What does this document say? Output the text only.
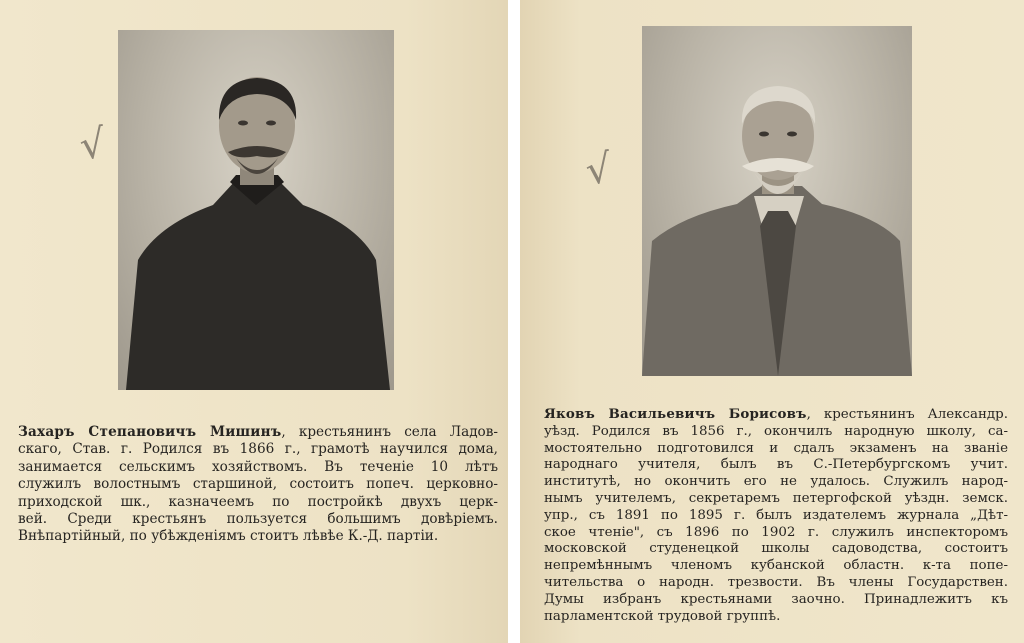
√
Захаръ Степановичъ Мишинъ, крестьянинъ села Ладов-
скаго, Став. г. Родился въ 1866 г., грамотѣ научился дома,
занимается сельскимъ хозяйствомъ. Въ теченіе 10 лѣтъ
служилъ волостнымъ старшиной, состоитъ попеч. церковно-
приходской шк., казначеемъ по постройкѣ двухъ церк-
вей. Среди крестьянъ пользуется большимъ довѣріемъ.
Внѣпартійный, по убѣжденіямъ стоитъ лѣвѣе К.-Д. партіи.
√
Яковъ Васильевичъ Борисовъ, крестьянинъ Александр.
уѣзд. Родился въ 1856 г., окончилъ народную школу, са-
мостоятельно подготовился и сдалъ экзаменъ на званіе
народнаго учителя, былъ въ С.-Петербургскомъ учит.
институтѣ, но окончить его не удалось. Служилъ народ-
нымъ учителемъ, секретаремъ петергофской уѣздн. земск.
упр., съ 1891 по 1895 г. былъ издателемъ журнала „Дѣт-
ское чтеніе", съ 1896 по 1902 г. служилъ инспекторомъ
московской студенецкой школы садоводства, состоитъ
непремѣннымъ членомъ кубанской областн. к-та попе-
чительства о народн. трезвости. Въ члены Государствен.
Думы избранъ крестьянами заочно. Принадлежитъ къ
парламентской трудовой группѣ.
